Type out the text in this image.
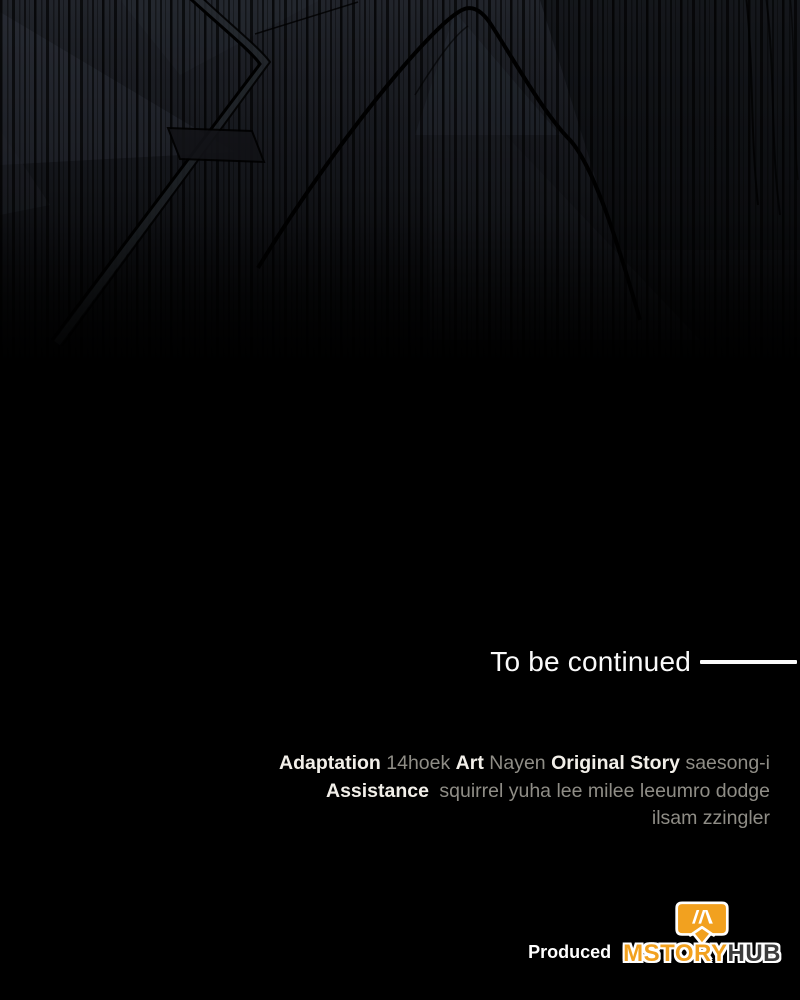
To be continued
Adaptation 14hoek Art Nayen Original Story saesong-i
Assistance squirrel yuha lee milee leeumro dodge
ilsam zzingler
Produced MSTORYHUB
